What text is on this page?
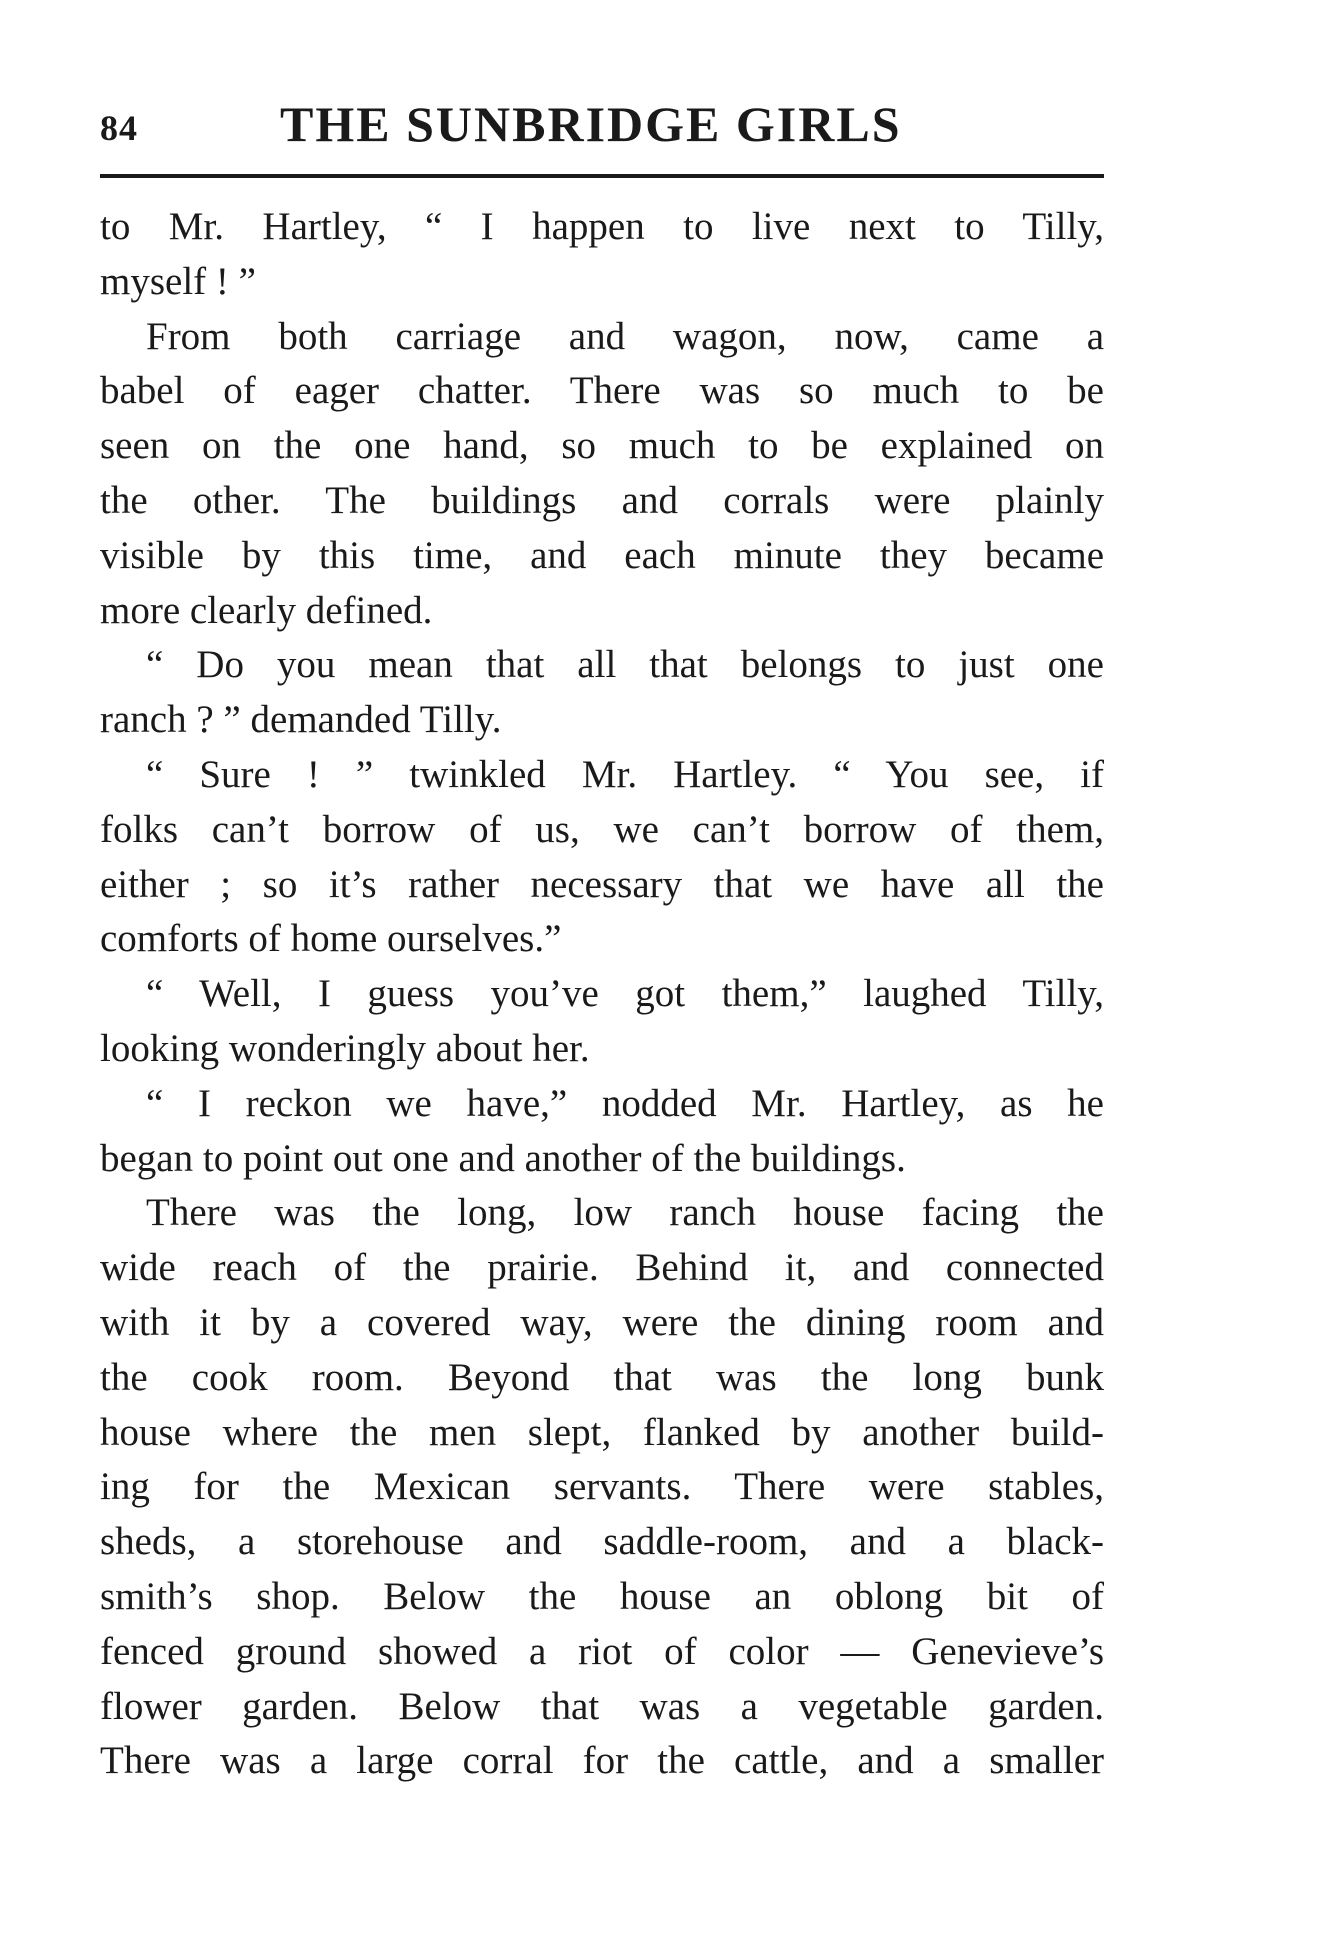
84	THE SUNBRIDGE GIRLS
to Mr. Hartley, “ I happen to live next to Tilly,
myself ! ”
From both carriage and wagon, now, came a
babel of eager chatter. There was so much to be
seen on the one hand, so much to be explained on
the other. The buildings and corrals were plainly
visible by this time, and each minute they became
more clearly defined.
“ Do you mean that all that belongs to just one
ranch ? ” demanded Tilly.
“ Sure ! ” twinkled Mr. Hartley. “ You see, if
folks can’t borrow of us, we can’t borrow of them,
either ; so it’s rather necessary that we have all the
comforts of home ourselves.”
“ Well, I guess you’ve got them,” laughed Tilly,
looking wonderingly about her.
“ I reckon we have,” nodded Mr. Hartley, as he
began to point out one and another of the buildings.
There was the long, low ranch house facing the
wide reach of the prairie. Behind it, and connected
with it by a covered way, were the dining room and
the cook room. Beyond that was the long bunk
house where the men slept, flanked by another build-
ing for the Mexican servants. There were stables,
sheds, a storehouse and saddle-room, and a black-
smith’s shop. Below the house an oblong bit of
fenced ground showed a riot of color — Genevieve’s
flower garden. Below that was a vegetable garden.
There was a large corral for the cattle, and a smaller
